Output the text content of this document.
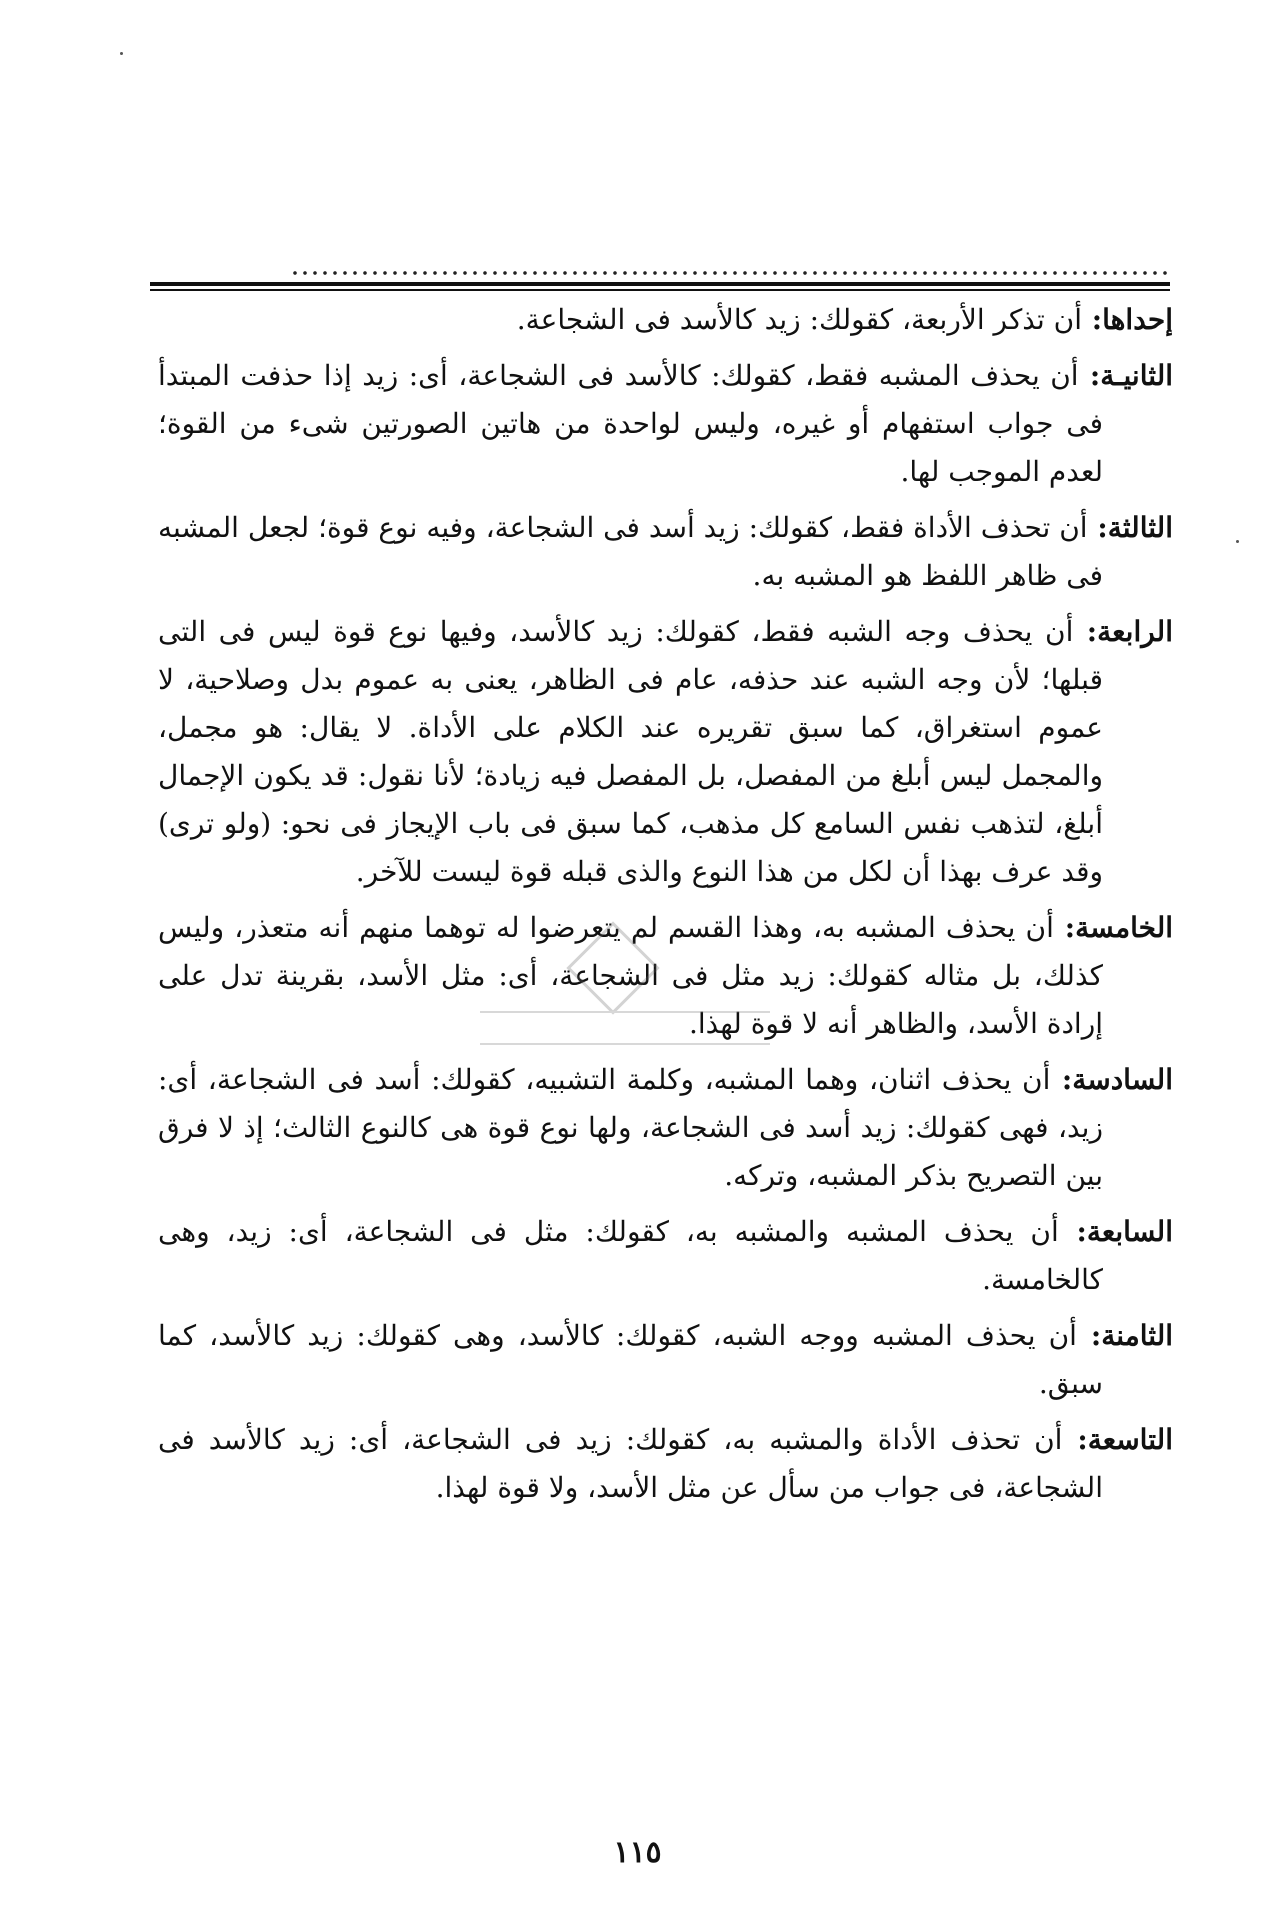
إحداها: أن تذكر الأربعة، كقولك: زيد كالأسد فى الشجاعة.

الثانيـة: أن يحذف المشبه فقط، كقولك: كالأسد فى الشجاعة، أى: زيد إذا حذفت المبتدأ فى جواب استفهام أو غيره، وليس لواحدة من هاتين الصورتين شىء من القوة؛ لعدم الموجب لها.

الثالثة: أن تحذف الأداة فقط، كقولك: زيد أسد فى الشجاعة، وفيه نوع قوة؛ لجعل المشبه فى ظاهر اللفظ هو المشبه به.

الرابعة: أن يحذف وجه الشبه فقط، كقولك: زيد كالأسد، وفيها نوع قوة ليس فى التى قبلها؛ لأن وجه الشبه عند حذفه، عام فى الظاهر، يعنى به عموم بدل وصلاحية، لا عموم استغراق، كما سبق تقريره عند الكلام على الأداة. لا يقال: هو مجمل، والمجمل ليس أبلغ من المفصل، بل المفصل فيه زيادة؛ لأنا نقول: قد يكون الإجمال أبلغ، لتذهب نفس السامع كل مذهب، كما سبق فى باب الإيجاز فى نحو: (ولو ترى) وقد عرف بهذا أن لكل من هذا النوع والذى قبله قوة ليست للآخر.

الخامسة: أن يحذف المشبه به، وهذا القسم لم يتعرضوا له توهما منهم أنه متعذر، وليس كذلك، بل مثاله كقولك: زيد مثل فى الشجاعة، أى: مثل الأسد، بقرينة تدل على إرادة الأسد، والظاهر أنه لا قوة لهذا.

السادسة: أن يحذف اثنان، وهما المشبه، وكلمة التشبيه، كقولك: أسد فى الشجاعة، أى: زيد، فهى كقولك: زيد أسد فى الشجاعة، ولها نوع قوة هى كالنوع الثالث؛ إذ لا فرق بين التصريح بذكر المشبه، وتركه.

السابعة: أن يحذف المشبه والمشبه به، كقولك: مثل فى الشجاعة، أى: زيد، وهى كالخامسة.

الثامنة: أن يحذف المشبه ووجه الشبه، كقولك: كالأسد، وهى كقولك: زيد كالأسد، كما سبق.

التاسعة: أن تحذف الأداة والمشبه به، كقولك: زيد فى الشجاعة، أى: زيد كالأسد فى الشجاعة، فى جواب من سأل عن مثل الأسد، ولا قوة لهذا.

١١٥
